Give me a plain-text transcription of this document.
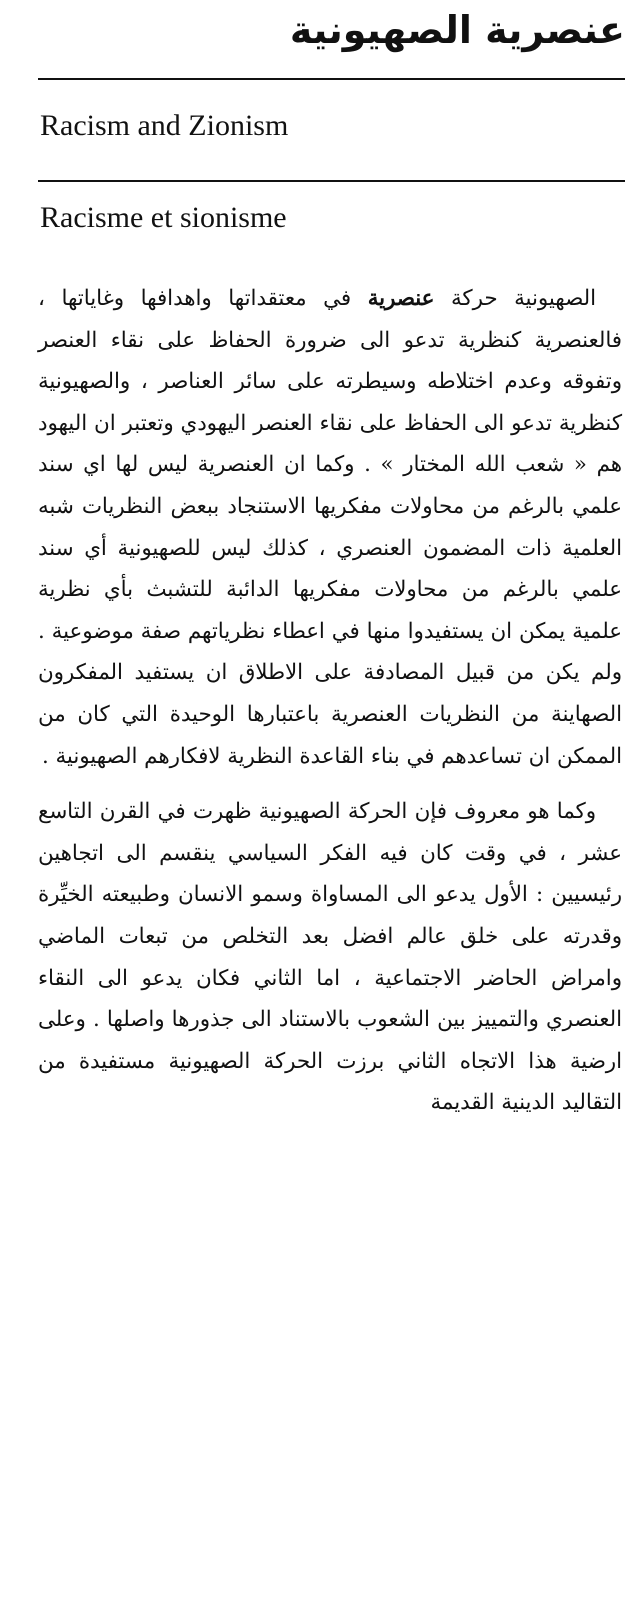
عنصرية الصهيونية
Racism and Zionism
Racisme et sionisme

الصهيونية حركة عنصرية في معتقداتها واهدافها وغاياتها ، فالعنصرية كنظرية تدعو الى ضرورة الحفاظ على نقاء العنصر وتفوقه وعدم اختلاطه وسيطرته على سائر العناصر ، والصهيونية كنظرية تدعو الى الحفاظ على نقاء العنصر اليهودي وتعتبر ان اليهود هم « شعب الله المختار » . وكما ان العنصرية ليس لها اي سند علمي بالرغم من محاولات مفكريها الاستنجاد ببعض النظريات شبه العلمية ذات المضمون العنصري ، كذلك ليس للصهيونية أي سند علمي بالرغم من محاولات مفكريها الدائبة للتشبث بأي نظرية علمية يمكن ان يستفيدوا منها في اعطاء نظرياتهم صفة موضوعية . ولم يكن من قبيل المصادفة على الاطلاق ان يستفيد المفكرون الصهاينة من النظريات العنصرية باعتبارها الوحيدة التي كان من الممكن ان تساعدهم في بناء القاعدة النظرية لافكارهم الصهيونية .

وكما هو معروف فإن الحركة الصهيونية ظهرت في القرن التاسع عشر ، في وقت كان فيه الفكر السياسي ينقسم الى اتجاهين رئيسيين : الأول يدعو الى المساواة وسمو الانسان وطبيعته الخيِّرة وقدرته على خلق عالم افضل بعد التخلص من تبعات الماضي وامراض الحاضر الاجتماعية ، اما الثاني فكان يدعو الى النقاء العنصري والتمييز بين الشعوب بالاستناد الى جذورها واصلها . وعلى ارضية هذا الاتجاه الثاني برزت الحركة الصهيونية مستفيدة من التقاليد الدينية القديمة
